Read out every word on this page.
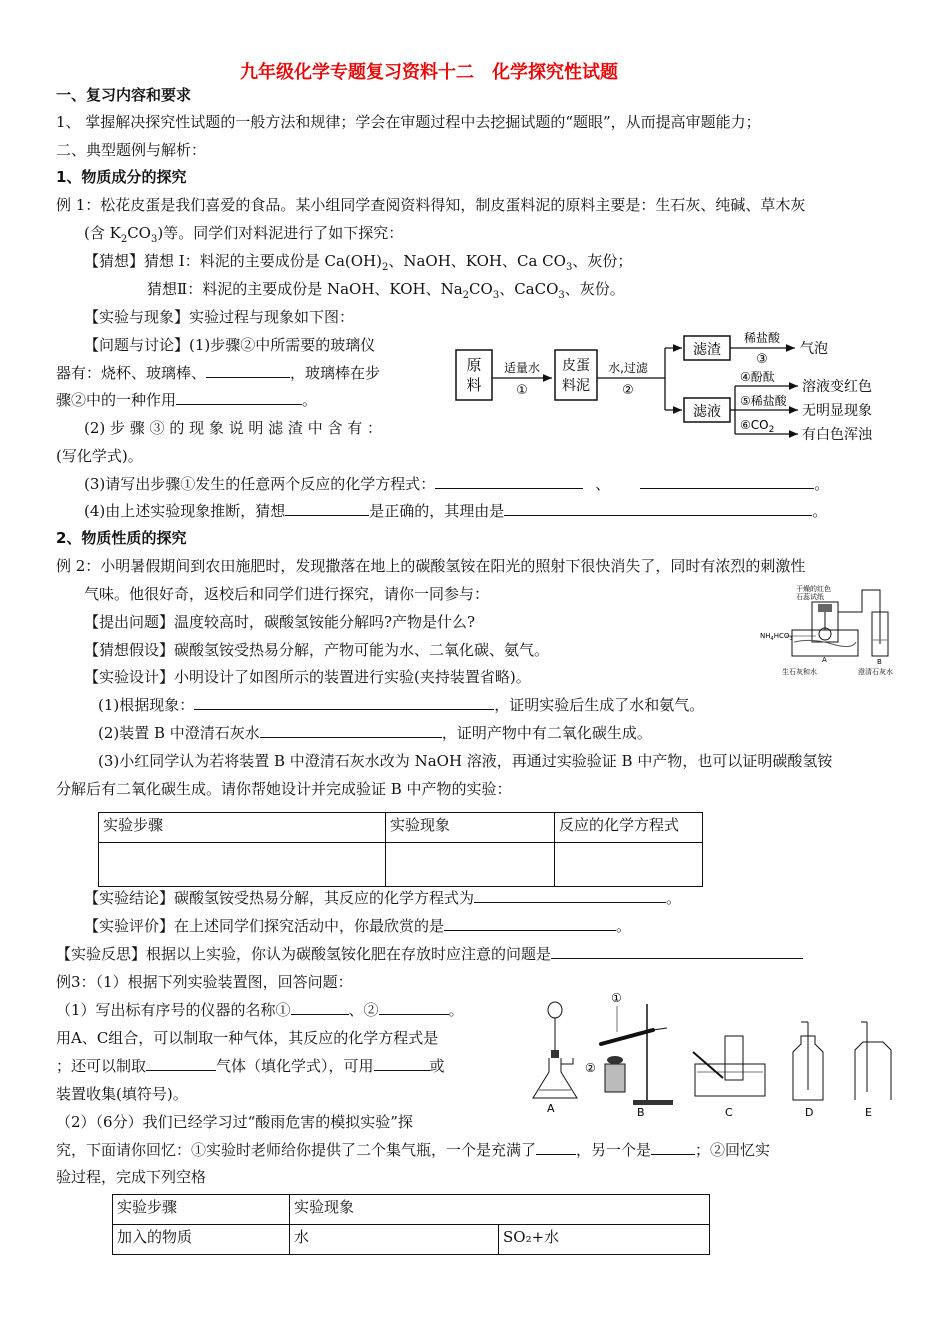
九年级化学专题复习资料十二　化学探究性试题
一、复习内容和要求
1、 掌握解决探究性试题的一般方法和规律；学会在审题过程中去挖掘试题的“题眼”，从而提高审题能力；
二、典型题例与解析：
1、物质成分的探究
例 1：松花皮蛋是我们喜爱的食品。某小组同学查阅资料得知，制皮蛋料泥的原料主要是：生石灰、纯碱、草木灰
(含 $K_2CO_3$)等。同学们对料泥进行了如下探究：
【猜想】猜想 I：料泥的主要成份是 $Ca(OH)_2$、NaOH、KOH、Ca $CO_3$、灰份；
猜想Ⅱ：料泥的主要成份是 NaOH、KOH、$Na_2CO_3$、CaCO$_3$、灰份。
【实验与现象】实验过程与现象如下图：
【问题与讨论】(1)步骤②中所需要的玻璃仪
器有：烧杯、玻璃棒、	，玻璃棒在步
骤②中的一种作用	。
(2) 步 骤 ③ 的 现 象 说 明 滤 渣 中 含 有 ：
(写化学式)。
(3)请写出步骤①发生的任意两个反应的化学方程式：	、	。
(4)由上述实验现象推断，猜想	是正确的，其理由是	。
原
料
适量水
①
皮蛋
料泥
水,过滤
②
滤渣
滤液
稀盐酸
③
气泡
④酚酞
⑤稀盐酸
$⑥CO_2$
溶液变红色
无明显现象
有白色浑浊
2、物质性质的探究
例 2：小明暑假期间到农田施肥时，发现撒落在地上的碳酸氢铵在阳光的照射下很快消失了，同时有浓烈的刺激性
气味。他很好奇，返校后和同学们进行探究，请你一同参与：
【提出问题】温度较高时，碳酸氢铵能分解吗?产物是什么?
【猜想假设】碳酸氢铵受热易分解，产物可能为水、二氧化碳、氨气。
【实验设计】小明设计了如图所示的装置进行实验(夹持装置省略)。
(1)根据现象：	，证明实验后生成了水和氨气。
(2)装置 B 中澄清石灰水	，证明产物中有二氧化碳生成。
(3)小红同学认为若将装置 B 中澄清石灰水改为 NaOH 溶液，再通过实验验证 B 中产物，也可以证明碳酸氢铵
分解后有二氧化碳生成。请你帮她设计并完成验证 B 中产物的实验：
干燥的红色
石蕊试纸
$NH_4HCO_3$
A	B
生石灰和水	澄清石灰水
实验步骤	实验现象	反应的化学方程式

【实验结论】碳酸氢铵受热易分解，其反应的化学方程式为	。
【实验评价】在上述同学们探究活动中，你最欣赏的是	。
【实验反思】根据以上实验，你认为碳酸氢铵化肥在存放时应注意的问题是
例3：（1）根据下列实验装置图，回答问题：
（1）写出标有序号的仪器的名称①	、②	。
用A、C组合，可以制取一种气体，其反应的化学方程式是
；还可以制取	气体（填化学式），可用	或
装置收集(填符号)。
（2）（6分）我们已经学习过“酸雨危害的模拟实验”探
究，下面请你回忆：①实验时老师给你提供了二个集气瓶，一个是充满了	，另一个是	；②回忆实
验过程，完成下列空格
A
①
②
B	C	D	E
实验步骤	实验现象	
加入的物质	水	SO₂+水
